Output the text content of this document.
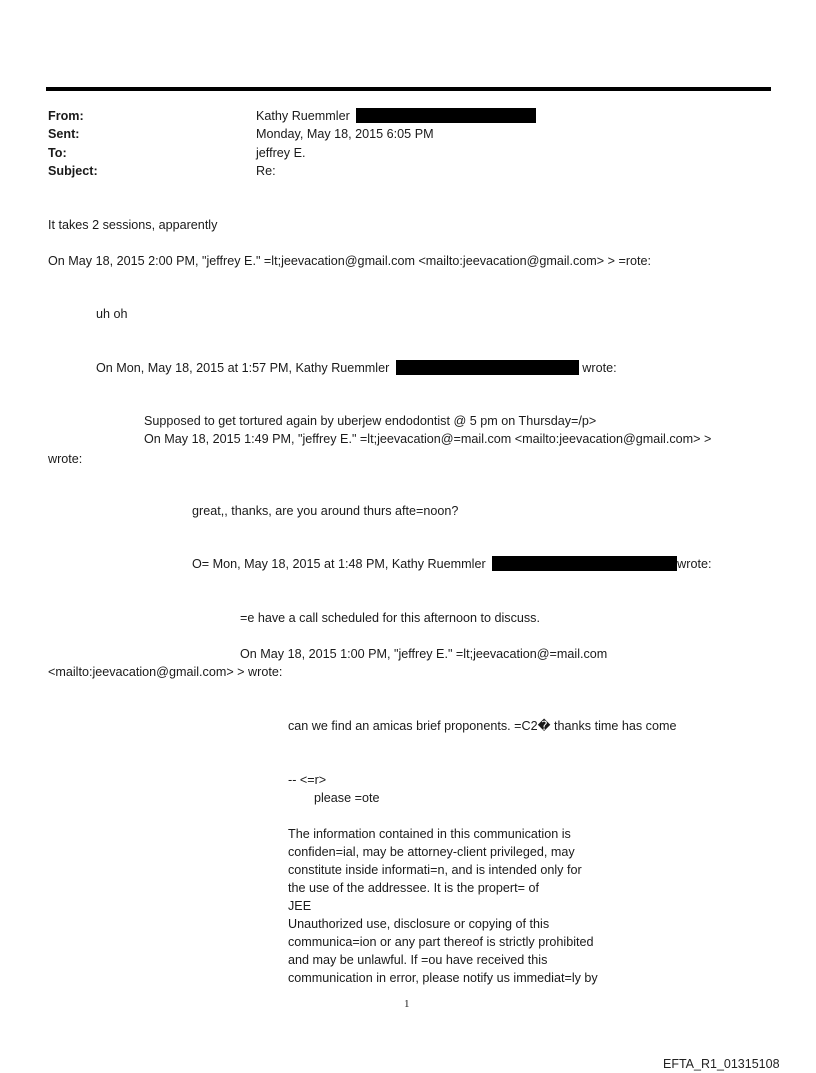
From:	Kathy Ruemmler
Sent:	Monday, May 18, 2015 6:05 PM
To:	jeffrey E.
Subject:	Re:
It takes 2 sessions, apparently
On May 18, 2015 2:00 PM, "jeffrey E." =lt;jeevacation@gmail.com <mailto:jeevacation@gmail.com> > =rote:
uh oh
On Mon, May 18, 2015 at 1:57 PM, Kathy Ruemmler	wrote:
Supposed to get tortured again by uberjew endodontist @ 5 pm on Thursday=/p>
On May 18, 2015 1:49 PM, "jeffrey E." =lt;jeevacation@=mail.com <mailto:jeevacation@gmail.com> >
wrote:
great,, thanks, are you around thurs afte=noon?
O= Mon, May 18, 2015 at 1:48 PM, Kathy Ruemmler	wrote:
=e have a call scheduled for this afternoon to discuss.
On May 18, 2015 1:00 PM, "jeffrey E." =lt;jeevacation@=mail.com
<mailto:jeevacation@gmail.com> > wrote:
can we find an amicas brief proponents. =C2� thanks time has come
-- <=r>
please =ote
The information contained in this communication is
confiden=ial, may be attorney-client privileged, may
constitute inside informati=n, and is intended only for
the use of the addressee. It is the propert= of
JEE
Unauthorized use, disclosure or copying of this
communica=ion or any part thereof is strictly prohibited
and may be unlawful. If =ou have received this
communication in error, please notify us immediat=ly by
1
EFTA_R1_01315108
